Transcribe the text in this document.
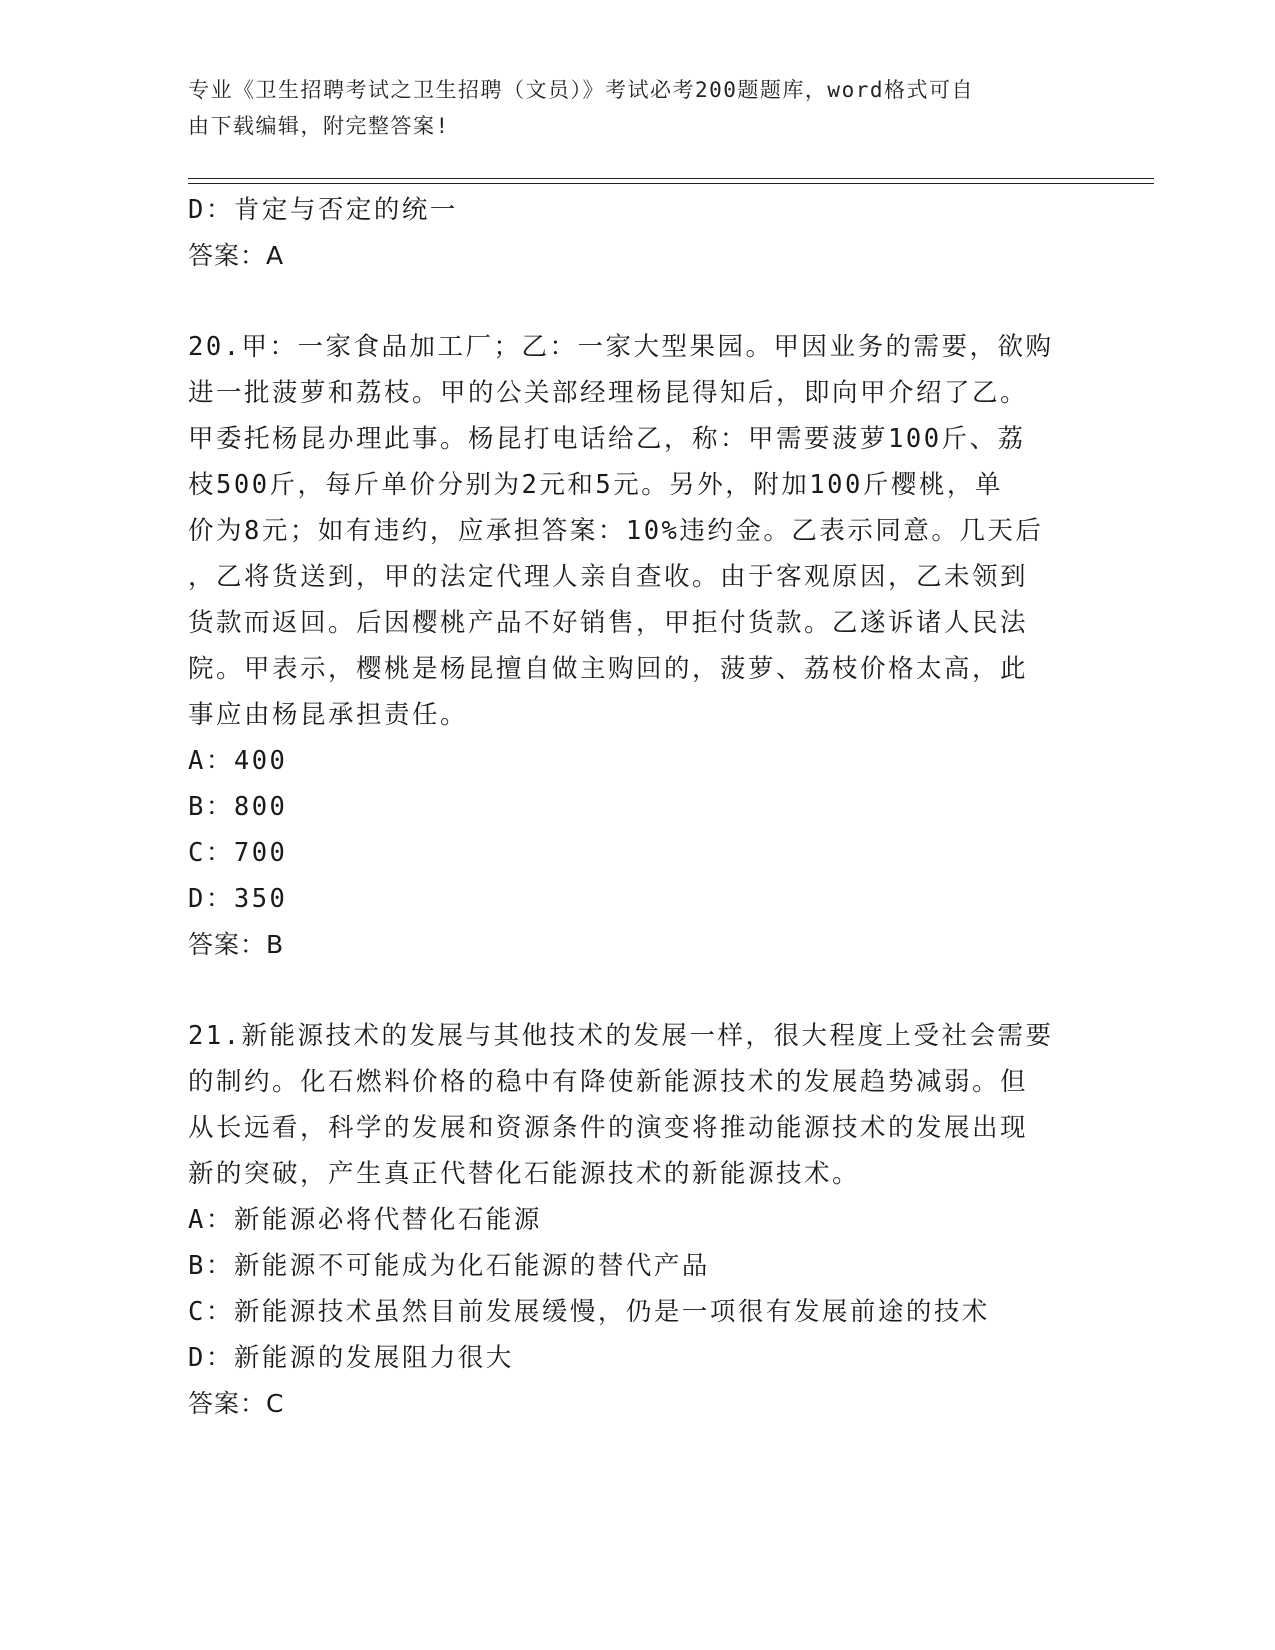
专业《卫生招聘考试之卫生招聘（文员）》考试必考200题题库，word格式可自
由下载编辑，附完整答案!
D：肯定与否定的统一
答案：A
20.甲：一家食品加工厂；乙：一家大型果园。甲因业务的需要，欲购
进一批菠萝和荔枝。甲的公关部经理杨昆得知后，即向甲介绍了乙。
甲委托杨昆办理此事。杨昆打电话给乙，称：甲需要菠萝100斤、荔
枝500斤，每斤单价分别为2元和5元。另外，附加100斤樱桃，单
价为8元；如有违约，应承担答案：10%违约金。乙表示同意。几天后
，乙将货送到，甲的法定代理人亲自查收。由于客观原因，乙未领到
货款而返回。后因樱桃产品不好销售，甲拒付货款。乙遂诉诸人民法
院。甲表示，樱桃是杨昆擅自做主购回的，菠萝、荔枝价格太高，此
事应由杨昆承担责任。
A：400
B：800
C：700
D：350
答案：B
21.新能源技术的发展与其他技术的发展一样，很大程度上受社会需要
的制约。化石燃料价格的稳中有降使新能源技术的发展趋势减弱。但
从长远看，科学的发展和资源条件的演变将推动能源技术的发展出现
新的突破，产生真正代替化石能源技术的新能源技术。
A：新能源必将代替化石能源
B：新能源不可能成为化石能源的替代产品
C：新能源技术虽然目前发展缓慢，仍是一项很有发展前途的技术
D：新能源的发展阻力很大
答案：C
